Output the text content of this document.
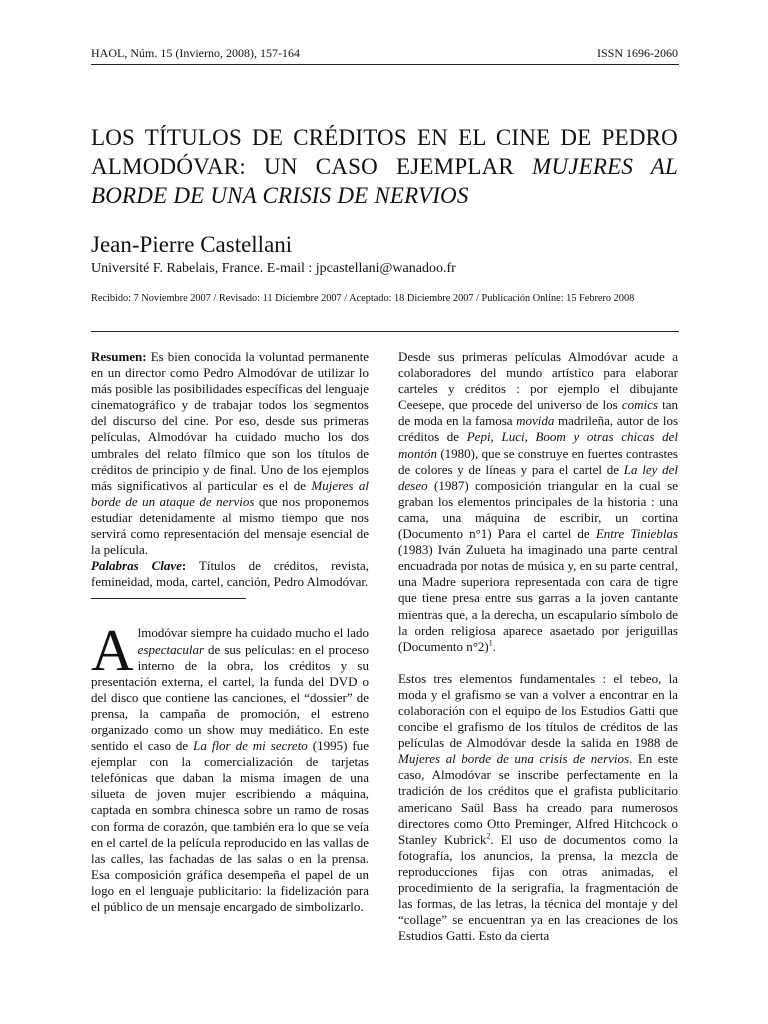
HAOL, Núm. 15 (Invierno, 2008), 157-164	ISSN 1696-2060
LOS TÍTULOS DE CRÉDITOS EN EL CINE DE PEDRO ALMODÓVAR: UN CASO EJEMPLAR MUJERES AL BORDE DE UNA CRISIS DE NERVIOS
Jean-Pierre Castellani
Université F. Rabelais, France. E-mail : jpcastellani@wanadoo.fr
Recibido: 7 Noviembre 2007 / Revisado: 11 Diciembre 2007 / Aceptado: 18 Diciembre 2007 / Publicación Online: 15 Febrero 2008

Resumen: Es bien conocida la voluntad permanente en un director como Pedro Almodóvar de utilizar lo más posible las posibilidades específicas del lenguaje cinematográfico y de trabajar todos los segmentos del discurso del cine. Por eso, desde sus primeras películas, Almodóvar ha cuidado mucho los dos umbrales del relato fílmico que son los títulos de créditos de principio y de final. Uno de los ejemplos más significativos al particular es el de Mujeres al borde de un ataque de nervios que nos proponemos estudiar detenidamente al mismo tiempo que nos servirá como representación del mensaje esencial de la película.

Palabras Clave: Títulos de créditos, revista, femineidad, moda, cartel, canción, Pedro Almodóvar.

A lmodóvar siempre ha cuidado mucho el lado espectacular de sus películas: en el proceso interno de la obra, los créditos y su presentación externa, el cartel, la funda del DVD o del disco que contiene las canciones, el “dossier” de prensa, la campaña de promoción, el estreno organizado como un show muy mediático. En este sentido el caso de La flor de mi secreto (1995) fue ejemplar con la comercialización de tarjetas telefónicas que daban la misma imagen de una silueta de joven mujer escribiendo a máquina, captada en sombra chinesca sobre un ramo de rosas con forma de corazón, que también era lo que se veía en el cartel de la película reproducido en las vallas de las calles, las fachadas de las salas o en la prensa. Esa composición gráfica desempeña el papel de un logo en el lenguaje publicitario: la fidelización para el público de un mensaje encargado de simbolizarlo.

Desde sus primeras películas Almodóvar acude a colaboradores del mundo artístico para elaborar carteles y créditos : por ejemplo el dibujante Ceesepe, que procede del universo de los comics tan de moda en la famosa movida madrileña, autor de los créditos de Pepi, Luci, Boom y otras chicas del montón (1980), que se construye en fuertes contrastes de colores y de líneas y para el cartel de La ley del deseo (1987) composición triangular en la cual se graban los elementos principales de la historia : una cama, una máquina de escribir, un cortina (Documento n°1) Para el cartel de Entre Tinieblas (1983) Iván Zulueta ha imaginado una parte central encuadrada por notas de música y, en su parte central, una Madre superiora representada con cara de tigre que tiene presa entre sus garras a la joven cantante mientras que, a la derecha, un escapulario símbolo de la orden religiosa aparece asaetado por jeriguillas (Documento n°2)$^1$.

Estos tres elementos fundamentales : el tebeo, la moda y el grafismo se van a volver a encontrar en la colaboración con el equipo de los Estudios Gatti que concibe el grafismo de los títulos de créditos de las películas de Almodóvar desde la salida en 1988 de Mujeres al borde de una crisis de nervios. En este caso, Almodóvar se inscribe perfectamente en la tradición de los créditos que el grafista publicitario americano Saül Bass ha creado para numerosos directores como Otto Preminger, Alfred Hitchcock o Stanley Kubrick$^2$. El uso de documentos como la fotografía, los anuncios, la prensa, la mezcla de reproducciones fijas con otras animadas, el procedimiento de la serigrafía, la fragmentación de las formas, de las letras, la técnica del montaje y del “collage” se encuentran ya en las creaciones de los Estudios Gatti. Esto da cierta
